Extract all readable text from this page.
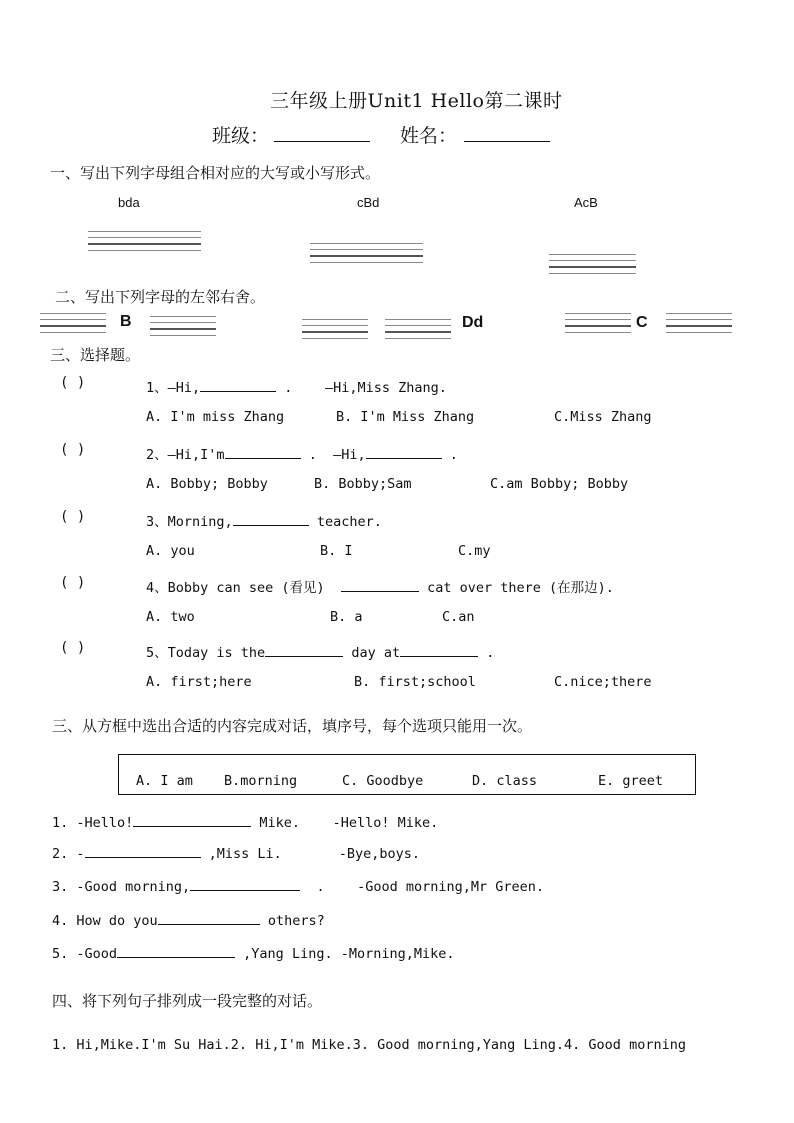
三年级上册Unit1 Hello第二课时
班级：	姓名：
一、写出下列字母组合相对应的大写或小写形式。
bda	cBd	AcB
二、写出下列字母的左邻右舍。
B	Dd	C
三、选择题。
( )	1、—Hi,	. —Hi,Miss Zhang.
A. I'm miss Zhang	B. I'm Miss Zhang	C.Miss Zhang
( )	2、—Hi,I'm	. —Hi,	.
A. Bobby; Bobby	B. Bobby;Sam	C.am Bobby; Bobby
( )	3、Morning,	teacher.
A. you	B. I	C.my
( )	4、Bobby can see (看见)	cat over there (在那边).
A. two	B. a	C.an
( )	5、Today is the	day at	.
A. first;here	B. first;school	C.nice;there
三、从方框中选出合适的内容完成对话，填序号，每个选项只能用一次。
A. I am B.morning	C. Goodbye	D. class	E. greet
1. -Hello!	Mike. -Hello! Mike.
2. -	,Miss Li.	-Bye,boys.
3. -Good morning,	. -Good morning,Mr Green.
4. How do you	others?
5. -Good	,Yang Ling. -Morning,Mike.
四、将下列句子排列成一段完整的对话。
1. Hi,Mike.I'm Su Hai.2. Hi,I'm Mike.3. Good morning,Yang Ling.4. Good morning
